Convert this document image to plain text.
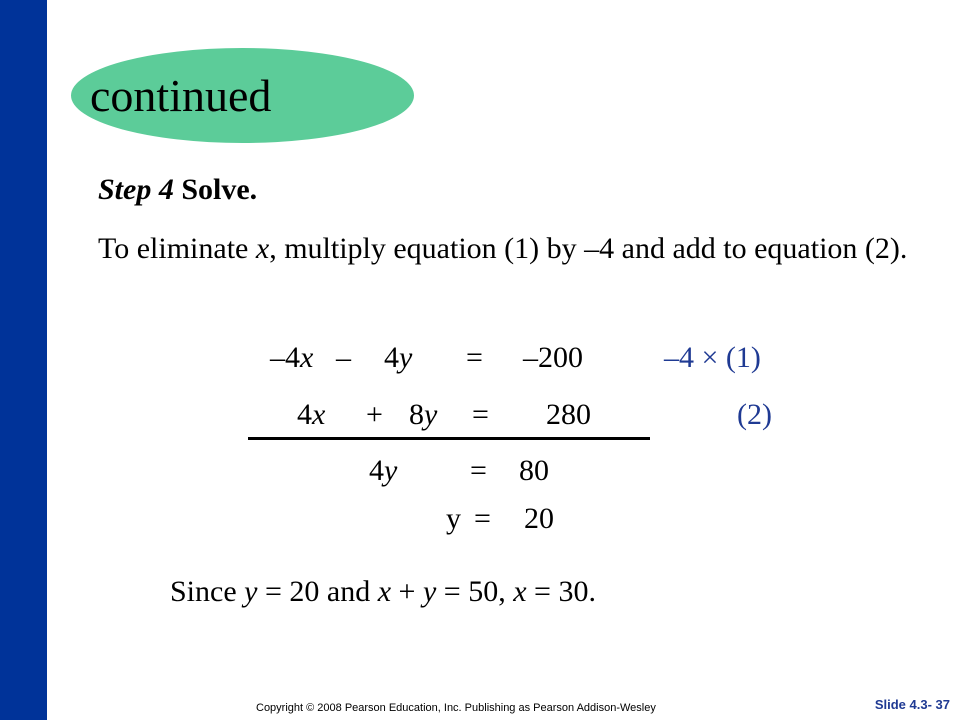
continued
Step 4 Solve.
To eliminate x, multiply equation (1) by –4 and add to equation (2).
–4x – 4y = –200	–4 × (1)
4x + 8y = 280	(2)
4y = 80
y = 20
Since y = 20 and x + y = 50, x = 30.
Copyright © 2008 Pearson Education, Inc. Publishing as Pearson Addison-Wesley	Slide 4.3- 37
